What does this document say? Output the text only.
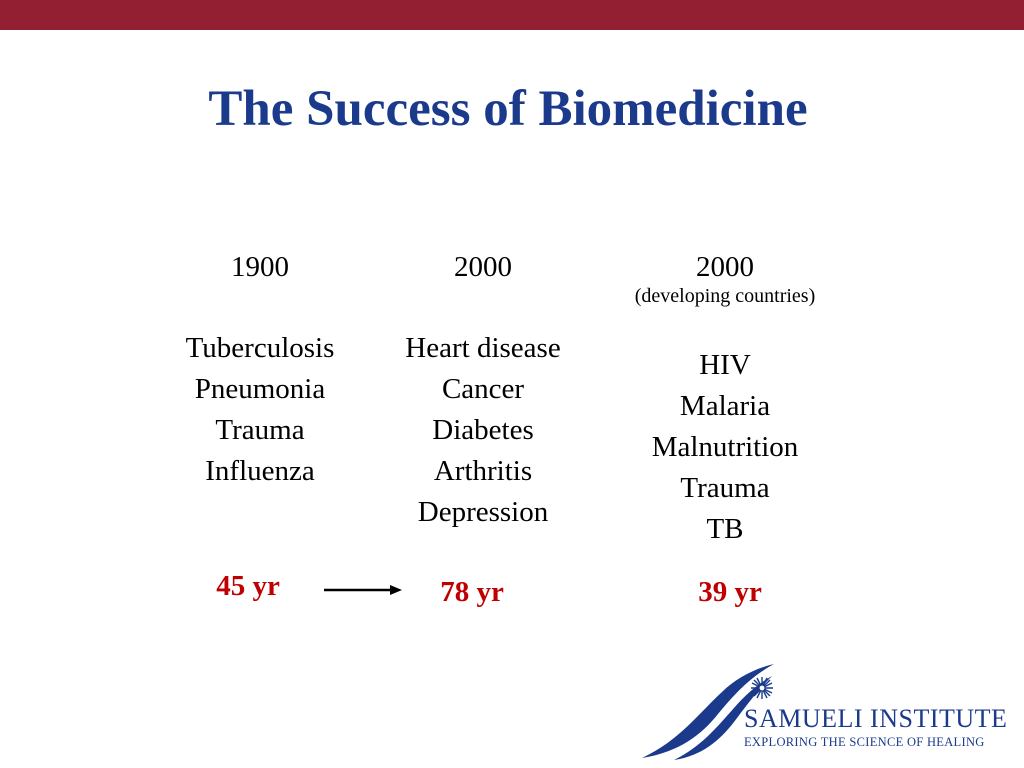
The Success of Biomedicine
1900
Tuberculosis
Pneumonia
Trauma
Influenza
2000
Heart disease
Cancer
Diabetes
Arthritis
Depression
2000
(developing countries)
HIV
Malaria
Malnutrition
Trauma
TB
45 yr	78 yr	39 yr
SAMUELI INSTITUTE
EXPLORING THE SCIENCE OF HEALING
